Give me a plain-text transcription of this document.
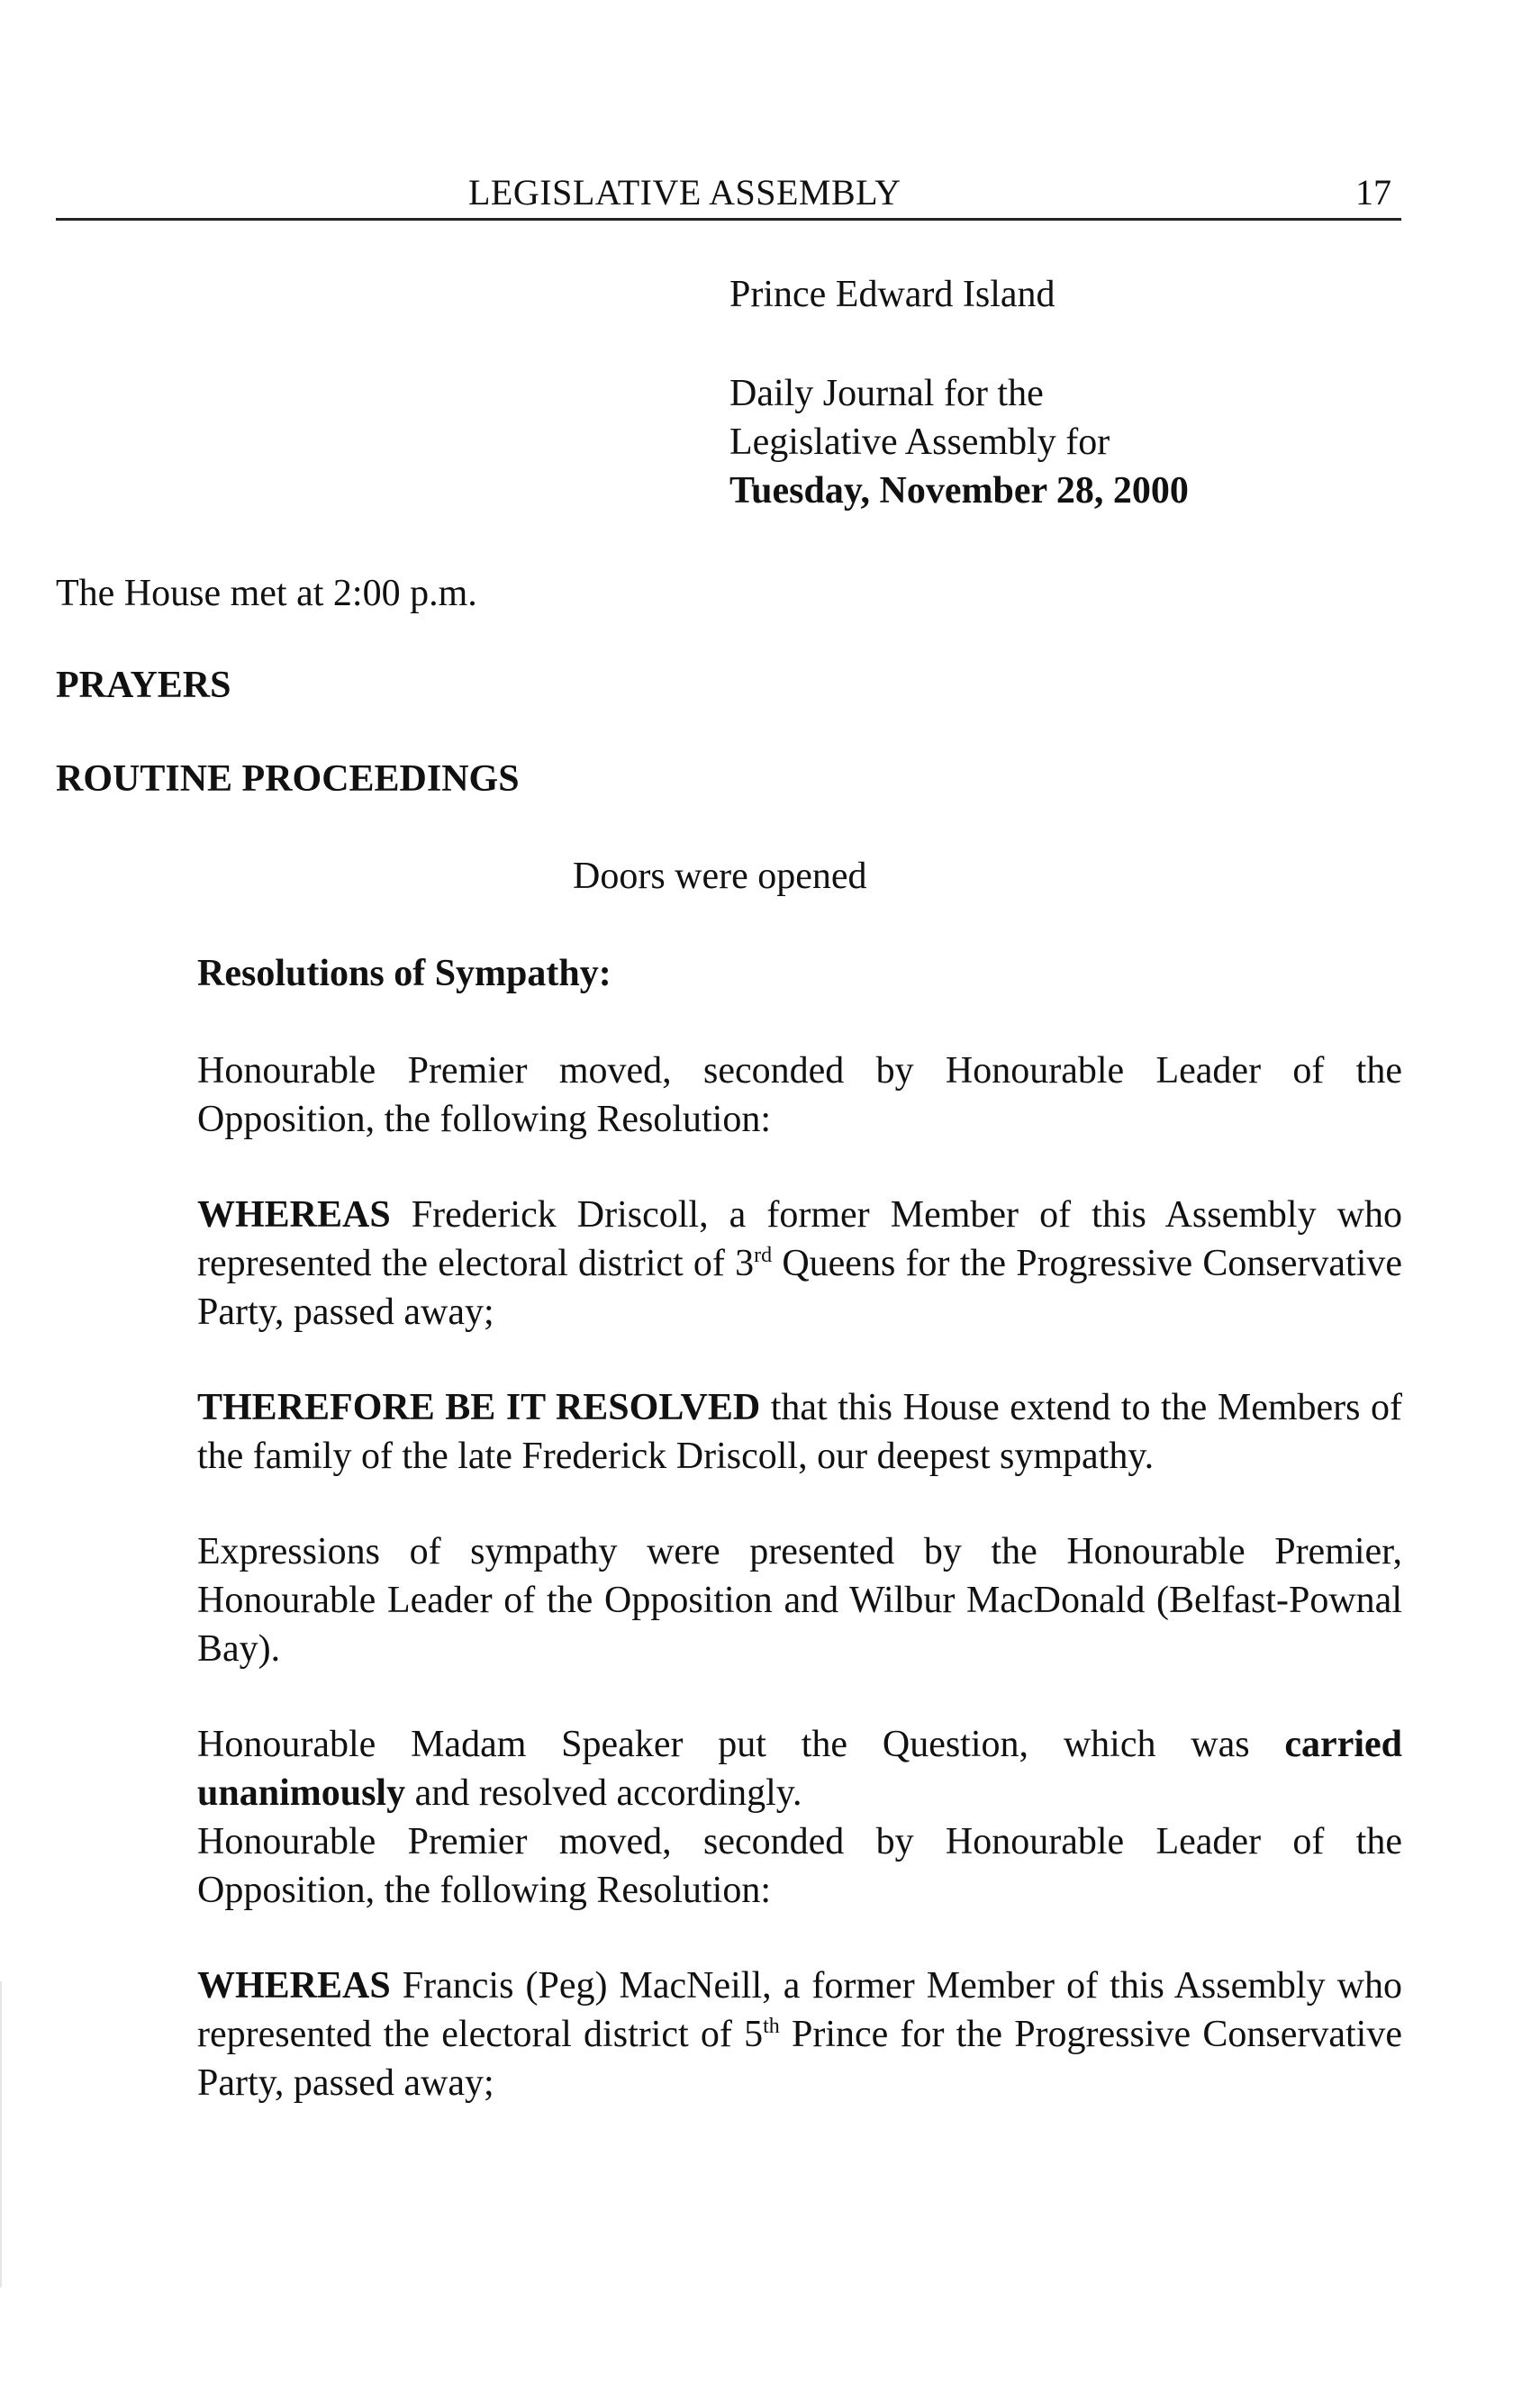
LEGISLATIVE ASSEMBLY	17
Prince Edward Island
Daily Journal for the
Legislative Assembly for
Tuesday, November 28, 2000
The House met at 2:00 p.m.
PRAYERS
ROUTINE PROCEEDINGS
Doors were opened
Resolutions of Sympathy:

Honourable Premier moved, seconded by Honourable Leader of the Opposition, the following Resolution:

WHEREAS Frederick Driscoll, a former Member of this Assembly who represented the electoral district of 3rd Queens for the Progressive Conservative Party, passed away;

THEREFORE BE IT RESOLVED that this House extend to the Members of the family of the late Frederick Driscoll, our deepest sympathy.

Expressions of sympathy were presented by the Honourable Premier, Honourable Leader of the Opposition and Wilbur MacDonald (Belfast-Pownal Bay).

Honourable Madam Speaker put the Question, which was carried unanimously and resolved accordingly.

Honourable Premier moved, seconded by Honourable Leader of the Opposition, the following Resolution:

WHEREAS Francis (Peg) MacNeill, a former Member of this Assembly who represented the electoral district of 5th Prince for the Progressive Conservative Party, passed away;
